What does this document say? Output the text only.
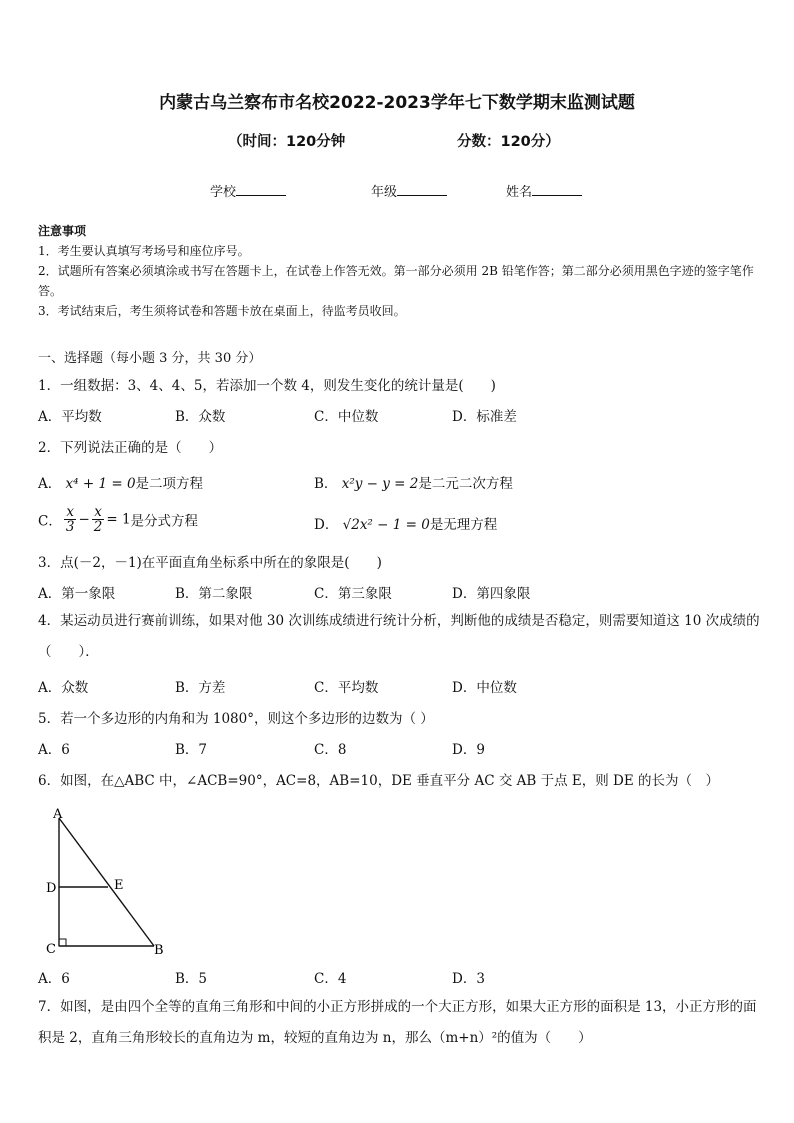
内蒙古乌兰察布市名校2022-2023学年七下数学期末监测试题
（时间：120分钟	分数：120分）
学校	年级	姓名
注意事项
1．考生要认真填写考场号和座位序号。
2．试题所有答案必须填涂或书写在答题卡上，在试卷上作答无效。第一部分必须用 2B 铅笔作答；第二部分必须用黑色字迹的签字笔作答。
3．考试结束后，考生须将试卷和答题卡放在桌面上，待监考员收回。
一、选择题（每小题 3 分，共 30 分）
1．一组数据：3、4、4、5，若添加一个数 4，则发生变化的统计量是(　　)
A．平均数	B．众数	C．中位数	D．标准差
2．下列说法正确的是（　　）
A． x⁴ + 1 = 0是二项方程	B． x²y − y = 2是二元二次方程
C． $\frac{x}{3} - \frac{x}{2} = 1$是分式方程	D． √2x² − 1 = 0是无理方程
3．点(－2，－1)在平面直角坐标系中所在的象限是(　　)
A．第一象限	B．第二象限	C．第三象限	D．第四象限
4．某运动员进行赛前训练，如果对他 30 次训练成绩进行统计分析，判断他的成绩是否稳定，则需要知道这 10 次成绩的（　　）．
A．众数	B．方差	C．平均数	D．中位数
5．若一个多边形的内角和为 1080°，则这个多边形的边数为（ ）
A．6	B．7	C．8	D．9
6．如图，在△ABC 中，∠ACB=90°，AC=8，AB=10，DE 垂直平分 AC 交 AB 于点 E，则 DE 的长为（　）
A
D	E
C	B
A．6	B．5	C．4	D．3
7．如图，是由四个全等的直角三角形和中间的小正方形拼成的一个大正方形，如果大正方形的面积是 13，小正方形的面积是 2，直角三角形较长的直角边为 m，较短的直角边为 n，那么（m+n）²的值为（　　）
